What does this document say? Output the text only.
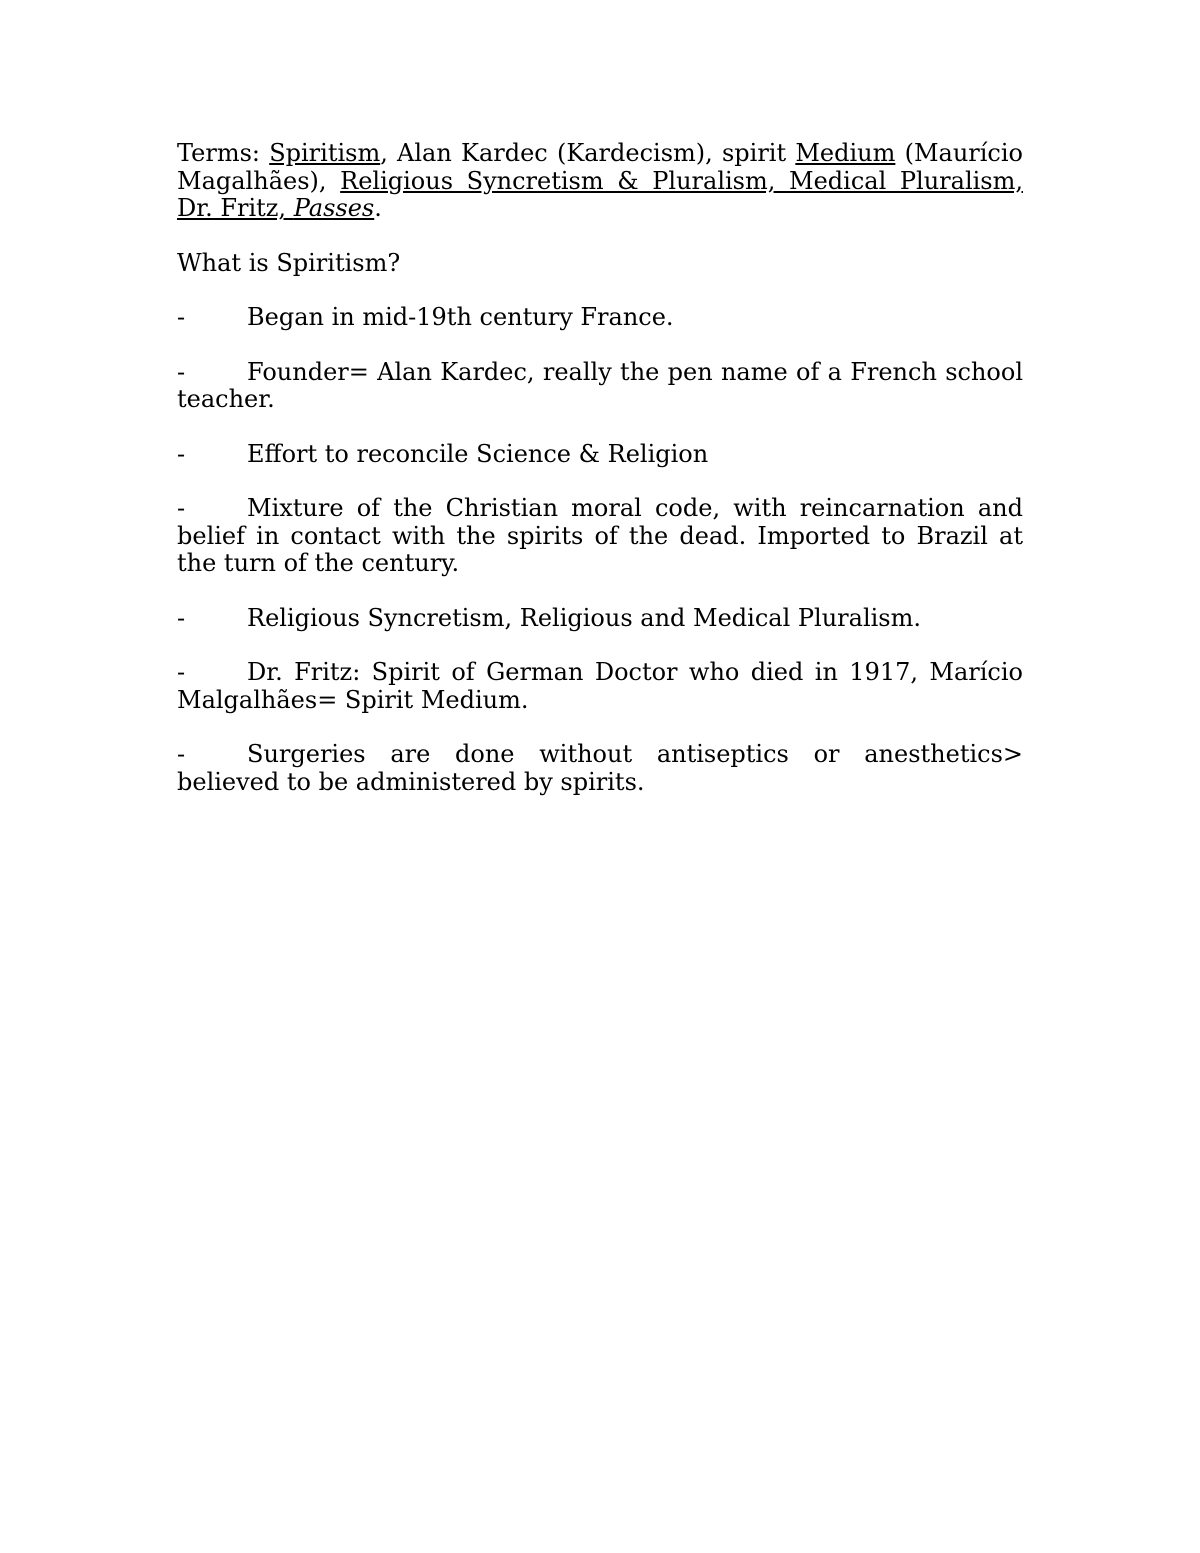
Terms: Spiritism, Alan Kardec (Kardecism), spirit Medium (Maurício Magalhães), Religious Syncretism & Pluralism, Medical Pluralism, Dr. Fritz, Passes.

What is Spiritism?

-	Began in mid-19th century France.

-	Founder= Alan Kardec, really the pen name of a French school teacher.

-	Effort to reconcile Science & Religion

-	Mixture of the Christian moral code, with reincarnation and belief in contact with the spirits of the dead. Imported to Brazil at the turn of the century.

-	Religious Syncretism, Religious and Medical Pluralism.

-	Dr. Fritz: Spirit of German Doctor who died in 1917, Marício Malgalhães= Spirit Medium.

-	Surgeries are done without antiseptics or anesthetics> believed to be administered by spirits.
